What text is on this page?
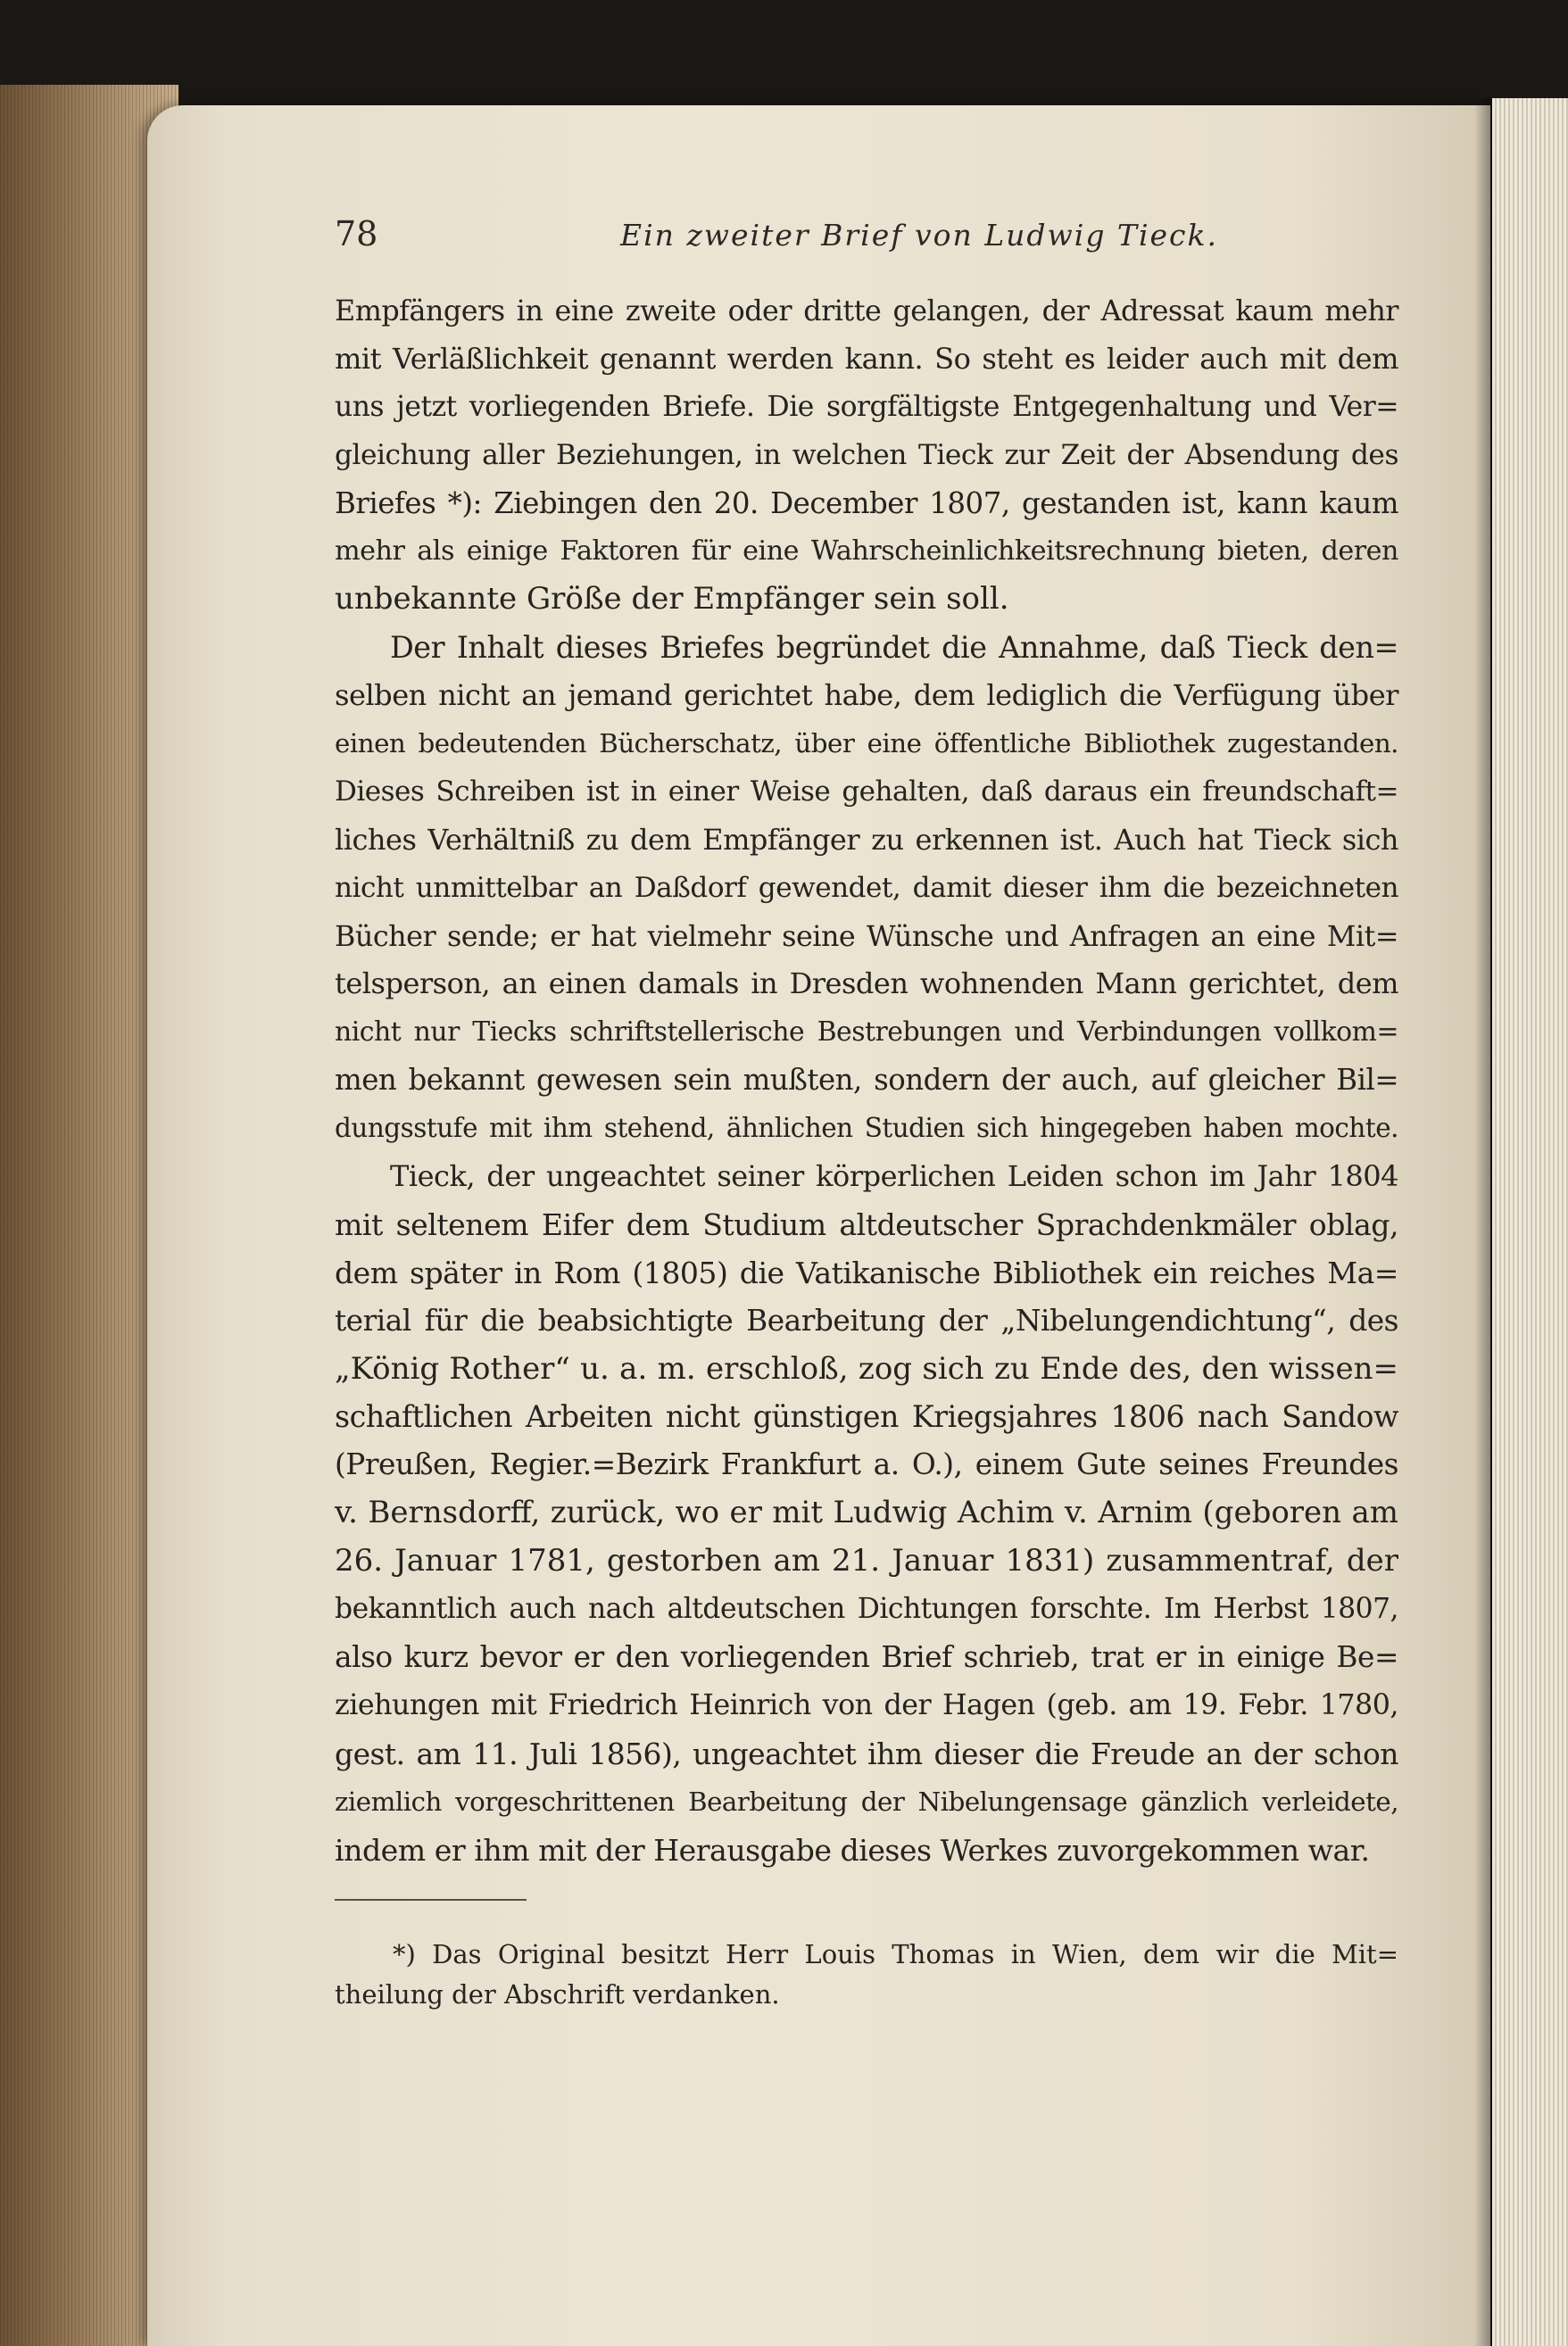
78	Ein zweiter Brief von Ludwig Tieck.
Empfängers in eine zweite oder dritte gelangen, der Adressat kaum mehr
mit Verläßlichkeit genannt werden kann. So steht es leider auch mit dem
uns jetzt vorliegenden Briefe. Die sorgfältigste Entgegenhaltung und Ver=
gleichung aller Beziehungen, in welchen Tieck zur Zeit der Absendung des
Briefes *): Ziebingen den 20. December 1807, gestanden ist, kann kaum
mehr als einige Faktoren für eine Wahrscheinlichkeitsrechnung bieten, deren
unbekannte Größe der Empfänger sein soll.
Der Inhalt dieses Briefes begründet die Annahme, daß Tieck den=
selben nicht an jemand gerichtet habe, dem lediglich die Verfügung über
einen bedeutenden Bücherschatz, über eine öffentliche Bibliothek zugestanden.
Dieses Schreiben ist in einer Weise gehalten, daß daraus ein freundschaft=
liches Verhältniß zu dem Empfänger zu erkennen ist. Auch hat Tieck sich
nicht unmittelbar an Daßdorf gewendet, damit dieser ihm die bezeichneten
Bücher sende; er hat vielmehr seine Wünsche und Anfragen an eine Mit=
telsperson, an einen damals in Dresden wohnenden Mann gerichtet, dem
nicht nur Tiecks schriftstellerische Bestrebungen und Verbindungen vollkom=
men bekannt gewesen sein mußten, sondern der auch, auf gleicher Bil=
dungsstufe mit ihm stehend, ähnlichen Studien sich hingegeben haben mochte.
Tieck, der ungeachtet seiner körperlichen Leiden schon im Jahr 1804
mit seltenem Eifer dem Studium altdeutscher Sprachdenkmäler oblag,
dem später in Rom (1805) die Vatikanische Bibliothek ein reiches Ma=
terial für die beabsichtigte Bearbeitung der „Nibelungendichtung“, des
„König Rother“ u. a. m. erschloß, zog sich zu Ende des, den wissen=
schaftlichen Arbeiten nicht günstigen Kriegsjahres 1806 nach Sandow
(Preußen, Regier.=Bezirk Frankfurt a. O.), einem Gute seines Freundes
v. Bernsdorff, zurück, wo er mit Ludwig Achim v. Arnim (geboren am
26. Januar 1781, gestorben am 21. Januar 1831) zusammentraf, der
bekanntlich auch nach altdeutschen Dichtungen forschte. Im Herbst 1807,
also kurz bevor er den vorliegenden Brief schrieb, trat er in einige Be=
ziehungen mit Friedrich Heinrich von der Hagen (geb. am 19. Febr. 1780,
gest. am 11. Juli 1856), ungeachtet ihm dieser die Freude an der schon
ziemlich vorgeschrittenen Bearbeitung der Nibelungensage gänzlich verleidete,
indem er ihm mit der Herausgabe dieses Werkes zuvorgekommen war.
*) Das Original besitzt Herr Louis Thomas in Wien, dem wir die Mit=
theilung der Abschrift verdanken.
